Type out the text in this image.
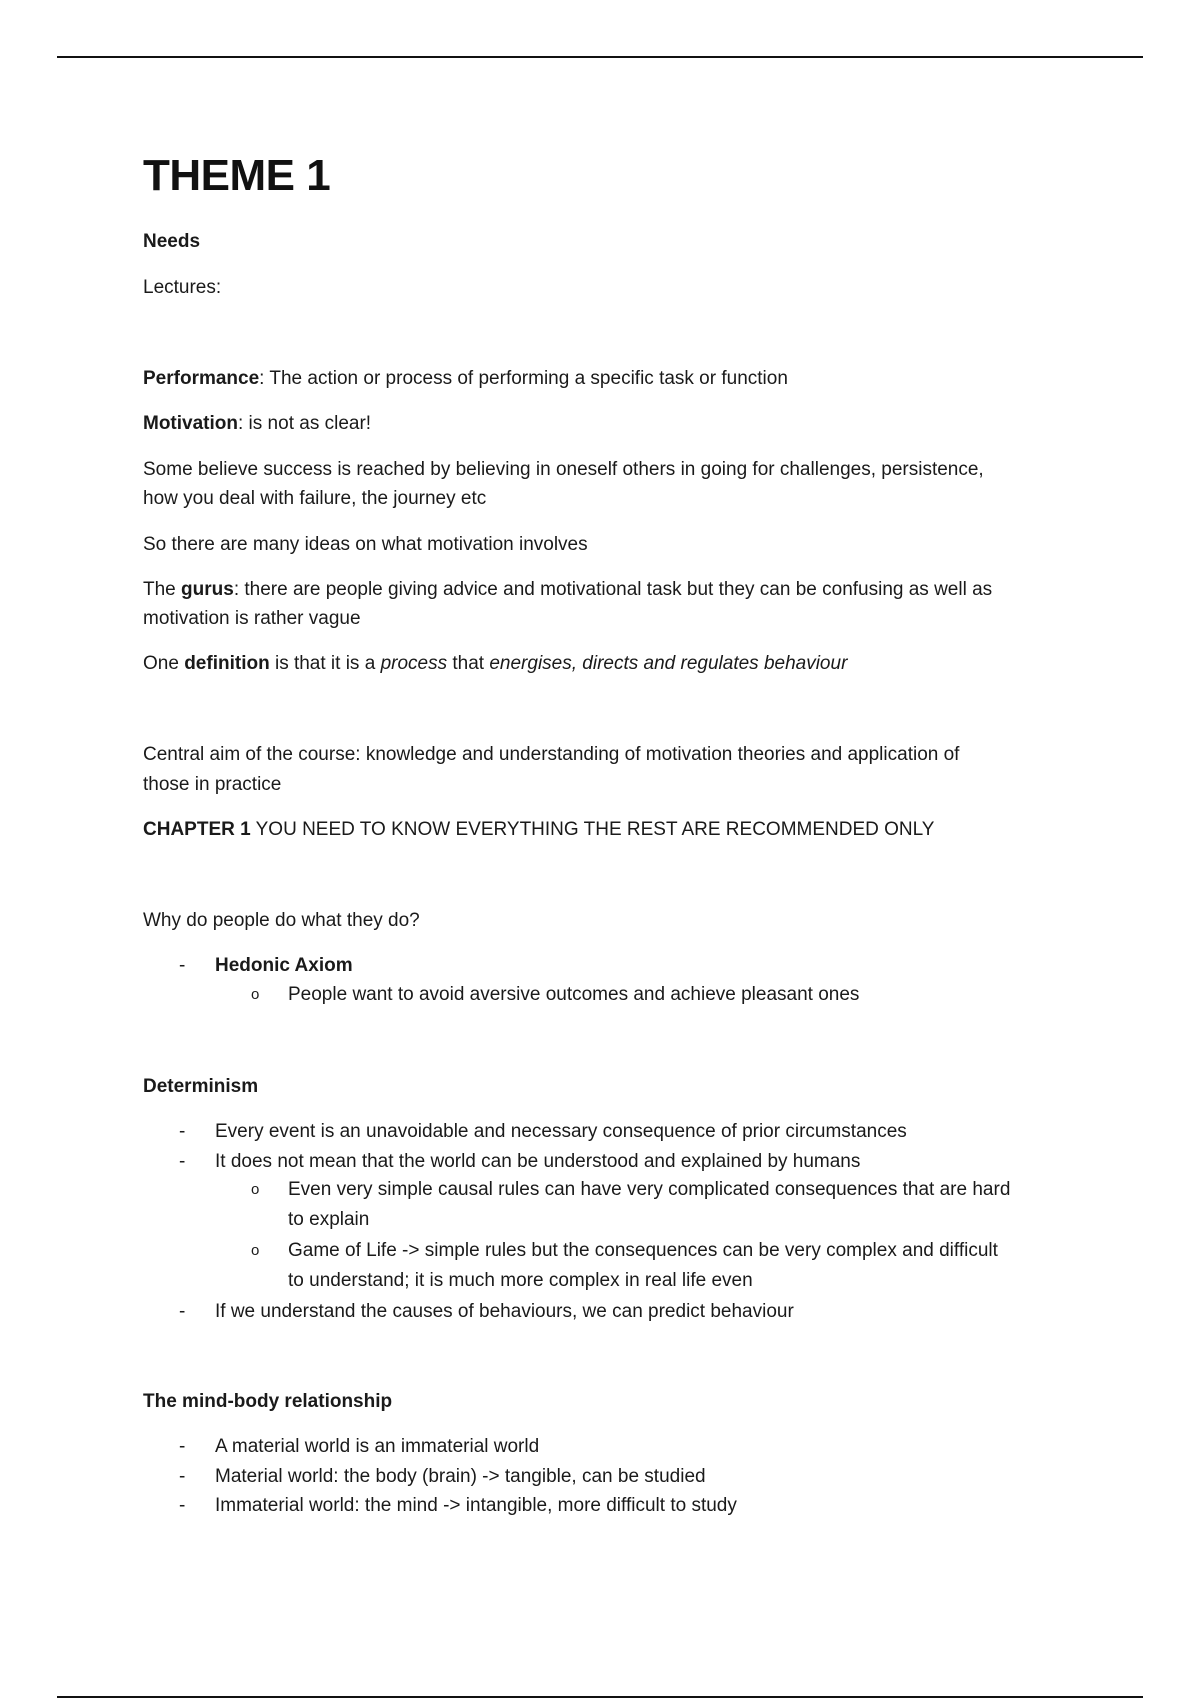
THEME 1

Needs

Lectures:

Performance: The action or process of performing a specific task or function

Motivation: is not as clear!

Some believe success is reached by believing in oneself others in going for challenges, persistence,

how you deal with failure, the journey etc

So there are many ideas on what motivation involves

The gurus: there are people giving advice and motivational task but they can be confusing as well as

motivation is rather vague

One definition is that it is a process that energises, directs and regulates behaviour

Central aim of the course: knowledge and understanding of motivation theories and application of

those in practice

CHAPTER 1 YOU NEED TO KNOW EVERYTHING THE REST ARE RECOMMENDED ONLY

Why do people do what they do?

- Hedonic Axiom
o People want to avoid aversive outcomes and achieve pleasant ones

Determinism

- Every event is an unavoidable and necessary consequence of prior circumstances
- It does not mean that the world can be understood and explained by humans
o Even very simple causal rules can have very complicated consequences that are hard
to explain
o Game of Life -> simple rules but the consequences can be very complex and difficult
to understand; it is much more complex in real life even
- If we understand the causes of behaviours, we can predict behaviour

The mind-body relationship

- A material world is an immaterial world
- Material world: the body (brain) -> tangible, can be studied
- Immaterial world: the mind -> intangible, more difficult to study
